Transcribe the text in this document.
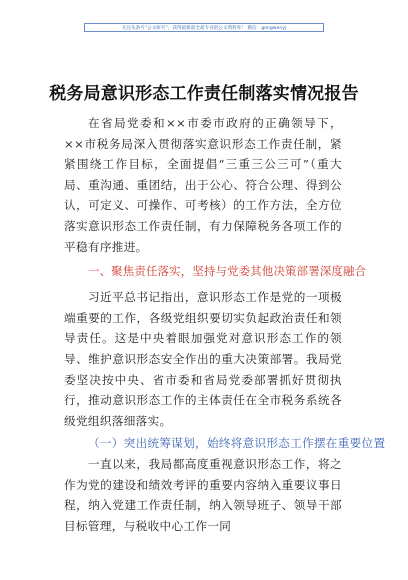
关注头条号“公文研究”，获得最新最全最专业的公文资料库！ 微信：gongwenyj
税务局意识形态工作责任制落实情况报告

在省局党委和××市委市政府的正确领导下，××市税务局深入贯彻落实意识形态工作责任制，紧紧围绕工作目标，全面提倡“三重三公三可”（重大局、重沟通、重团结，出于公心、符合公理、得到公认，可定义、可操作、可考核）的工作方法，全方位落实意识形态工作责任制，有力保障税务各项工作的平稳有序推进。

一、聚焦责任落实，坚持与党委其他决策部署深度融合

习近平总书记指出，意识形态工作是党的一项极端重要的工作，各级党组织要切实负起政治责任和领导责任。这是中央着眼加强党对意识形态工作的领导、维护意识形态安全作出的重大决策部署。我局党委坚决按中央、省市委和省局党委部署抓好贯彻执行，推动意识形态工作的主体责任在全市税务系统各级党组织落细落实。

（一）突出统筹谋划，始终将意识形态工作摆在重要位置

一直以来，我局都高度重视意识形态工作，将之作为党的建设和绩效考评的重要内容纳入重要议事日程，纳入党建工作责任制，纳入领导班子、领导干部目标管理，与税收中心工作一同
